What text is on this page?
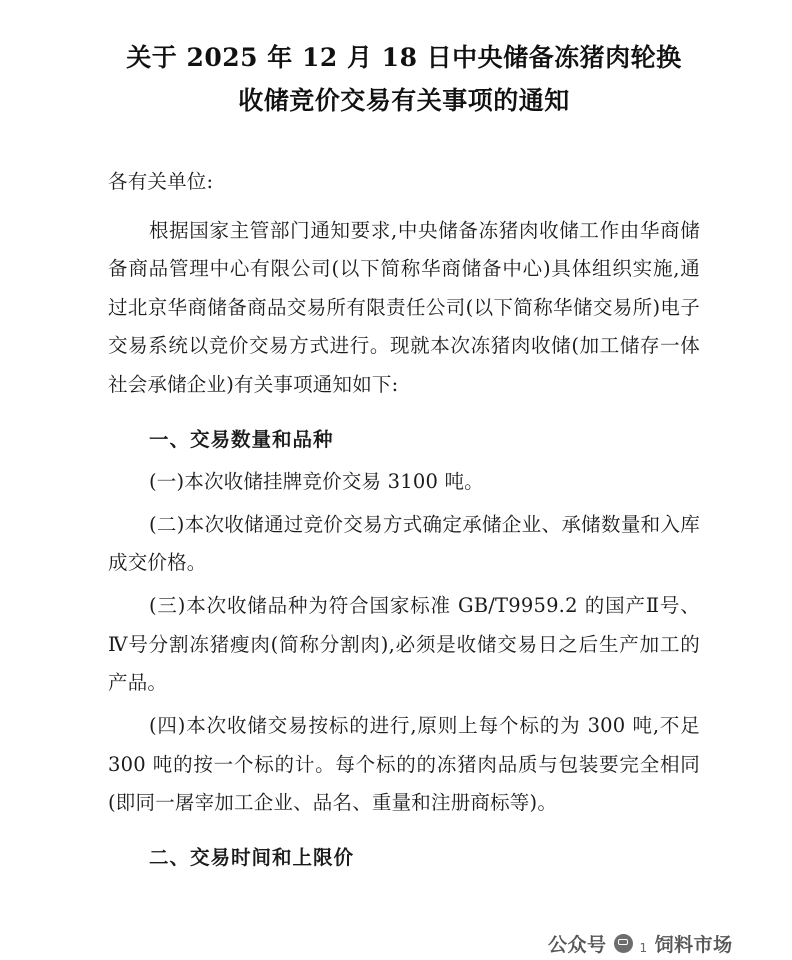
关于 2025 年 12 月 18 日中央储备冻猪肉轮换
收储竞价交易有关事项的通知

各有关单位:

根据国家主管部门通知要求,中央储备冻猪肉收储工作由华商储备商品管理中心有限公司(以下简称华商储备中心)具体组织实施,通过北京华商储备商品交易所有限责任公司(以下简称华储交易所)电子交易系统以竞价交易方式进行。现就本次冻猪肉收储(加工储存一体社会承储企业)有关事项通知如下:

一、交易数量和品种

(一)本次收储挂牌竞价交易 3100 吨。

(二)本次收储通过竞价交易方式确定承储企业、承储数量和入库成交价格。

(三)本次收储品种为符合国家标准 GB/T9959.2 的国产Ⅱ号、Ⅳ号分割冻猪瘦肉(简称分割肉),必须是收储交易日之后生产加工的产品。

(四)本次收储交易按标的进行,原则上每个标的为 300 吨,不足 300 吨的按一个标的计。每个标的的冻猪肉品质与包装要完全相同(即同一屠宰加工企业、品名、重量和注册商标等)。

二、交易时间和上限价

公众号	1 饲料市场
